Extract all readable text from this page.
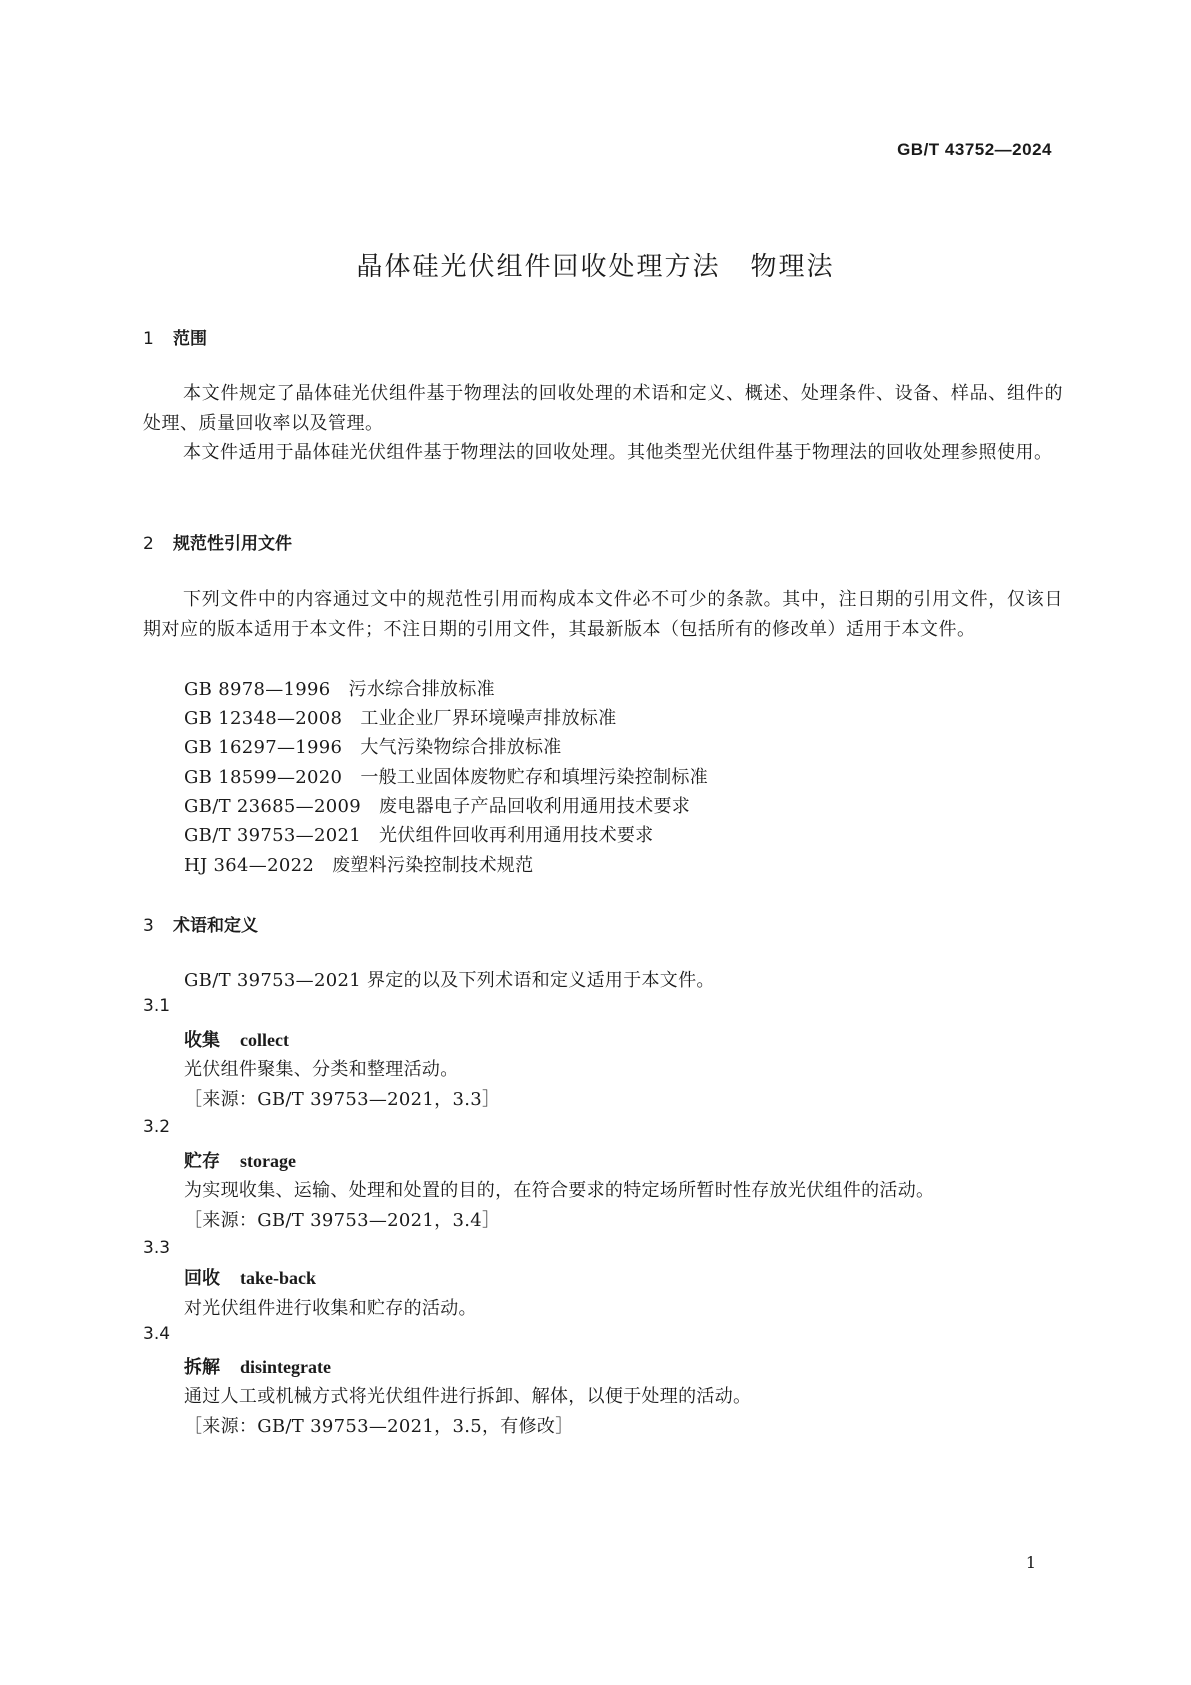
GB/T 43752—2024
晶体硅光伏组件回收处理方法 物理法
1 范围

本文件规定了晶体硅光伏组件基于物理法的回收处理的术语和定义、概述、处理条件、设备、样品、组件的处理、质量回收率以及管理。

本文件适用于晶体硅光伏组件基于物理法的回收处理。其他类型光伏组件基于物理法的回收处理参照使用。

2 规范性引用文件

下列文件中的内容通过文中的规范性引用而构成本文件必不可少的条款。其中，注日期的引用文件，仅该日期对应的版本适用于本文件；不注日期的引用文件，其最新版本（包括所有的修改单）适用于本文件。

GB 8978—1996 污水综合排放标准

GB 12348—2008 工业企业厂界环境噪声排放标准

GB 16297—1996 大气污染物综合排放标准

GB 18599—2020 一般工业固体废物贮存和填埋污染控制标准

GB/T 23685—2009 废电器电子产品回收利用通用技术要求

GB/T 39753—2021 光伏组件回收再利用通用技术要求

HJ 364—2022 废塑料污染控制技术规范

3 术语和定义

GB/T 39753—2021 界定的以及下列术语和定义适用于本文件。

3.1

收集 collect

光伏组件聚集、分类和整理活动。

［来源：GB/T 39753—2021，3.3］

3.2

贮存 storage

为实现收集、运输、处理和处置的目的，在符合要求的特定场所暂时性存放光伏组件的活动。

［来源：GB/T 39753—2021，3.4］

3.3

回收 take-back

对光伏组件进行收集和贮存的活动。

3.4

拆解 disintegrate

通过人工或机械方式将光伏组件进行拆卸、解体，以便于处理的活动。

［来源：GB/T 39753—2021，3.5，有修改］

1
